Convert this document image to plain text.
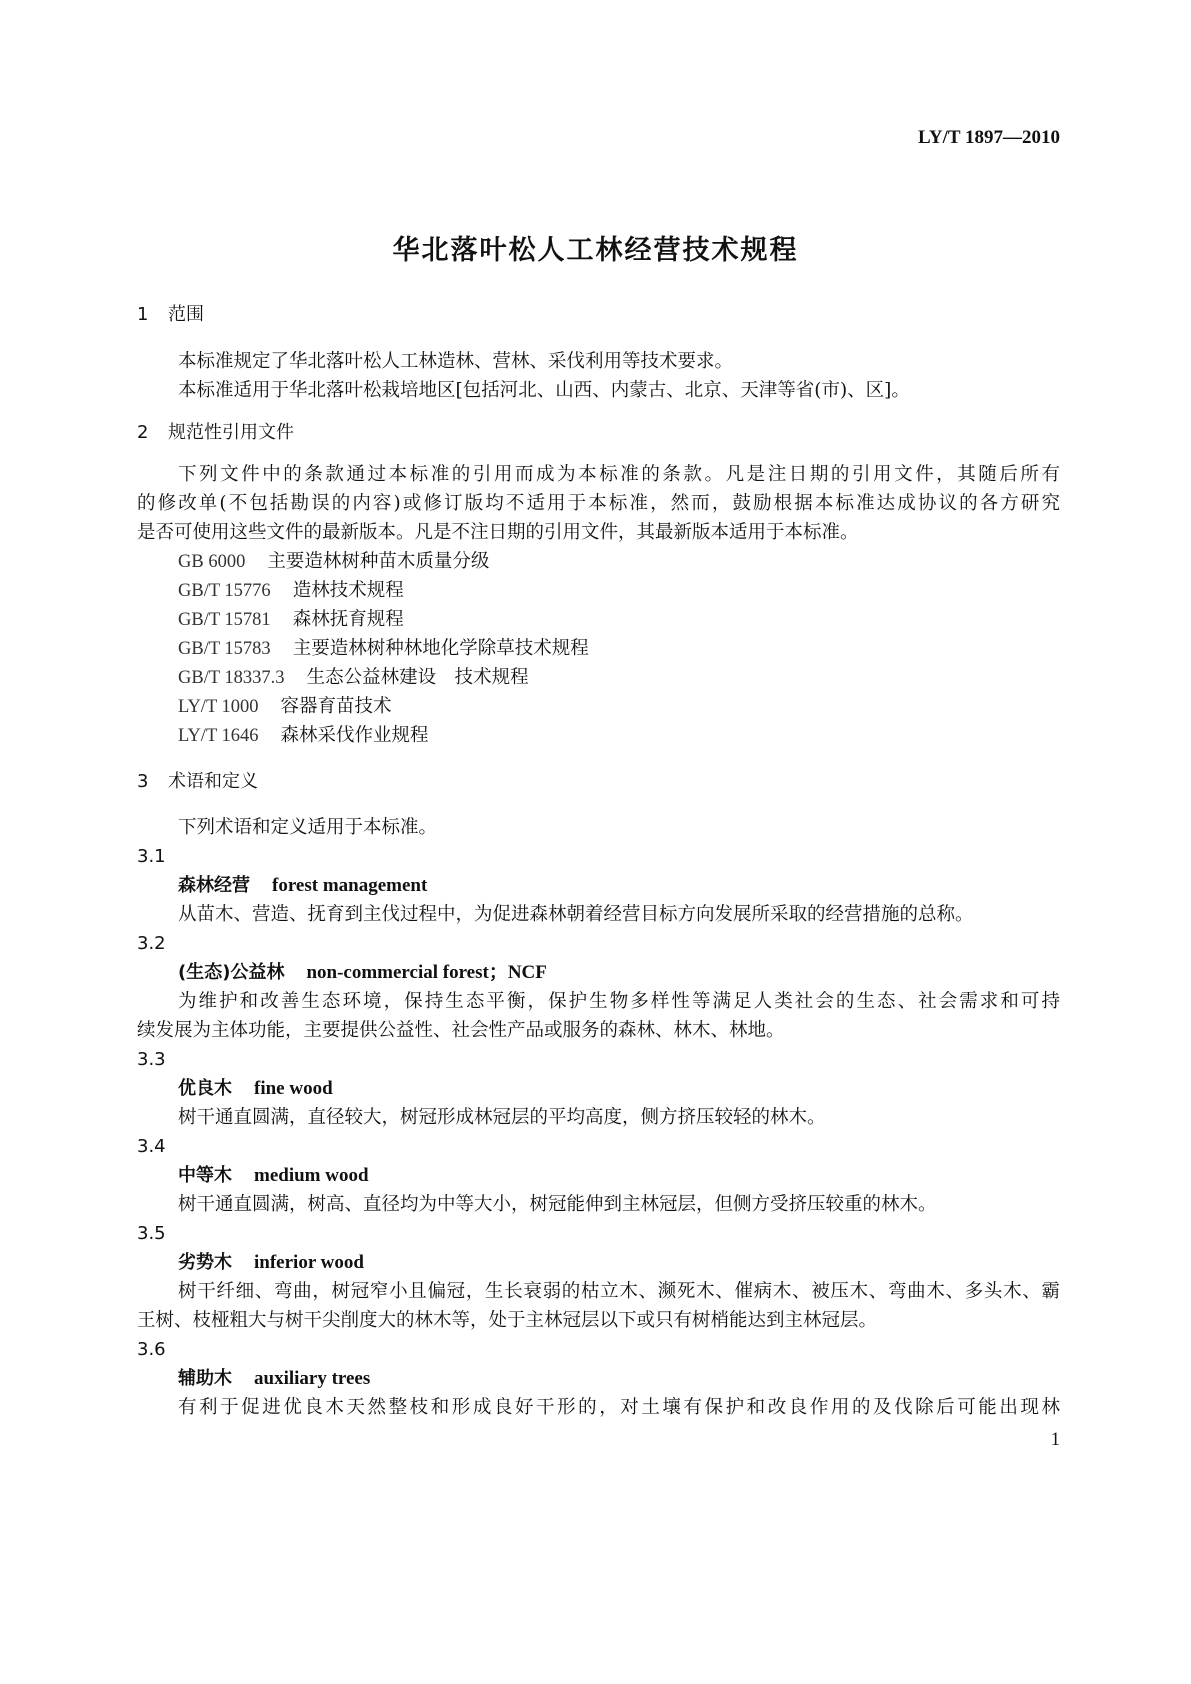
LY/T 1897—2010
华北落叶松人工林经营技术规程
1 范围
本标准规定了华北落叶松人工林造林、营林、采伐利用等技术要求。
本标准适用于华北落叶松栽培地区[包括河北、山西、内蒙古、北京、天津等省(市)、区]。
2 规范性引用文件
下列文件中的条款通过本标准的引用而成为本标准的条款。凡是注日期的引用文件，其随后所有
的修改单(不包括勘误的内容)或修订版均不适用于本标准，然而，鼓励根据本标准达成协议的各方研究
是否可使用这些文件的最新版本。凡是不注日期的引用文件，其最新版本适用于本标准。
GB 6000 主要造林树种苗木质量分级
GB/T 15776 造林技术规程
GB/T 15781 森林抚育规程
GB/T 15783 主要造林树种林地化学除草技术规程
GB/T 18337.3 生态公益林建设　技术规程
LY/T 1000 容器育苗技术
LY/T 1646 森林采伐作业规程
3 术语和定义
下列术语和定义适用于本标准。
3.1
森林经营 forest management
从苗木、营造、抚育到主伐过程中，为促进森林朝着经营目标方向发展所采取的经营措施的总称。
3.2
(生态)公益林 non-commercial forest；NCF
为维护和改善生态环境，保持生态平衡，保护生物多样性等满足人类社会的生态、社会需求和可持
续发展为主体功能，主要提供公益性、社会性产品或服务的森林、林木、林地。
3.3
优良木 fine wood
树干通直圆满，直径较大，树冠形成林冠层的平均高度，侧方挤压较轻的林木。
3.4
中等木 medium wood
树干通直圆满，树高、直径均为中等大小，树冠能伸到主林冠层，但侧方受挤压较重的林木。
3.5
劣势木 inferior wood
树干纤细、弯曲，树冠窄小且偏冠，生长衰弱的枯立木、濒死木、催病木、被压木、弯曲木、多头木、霸
王树、枝桠粗大与树干尖削度大的林木等，处于主林冠层以下或只有树梢能达到主林冠层。
3.6
辅助木 auxiliary trees
有利于促进优良木天然整枝和形成良好干形的，对土壤有保护和改良作用的及伐除后可能出现林
1
